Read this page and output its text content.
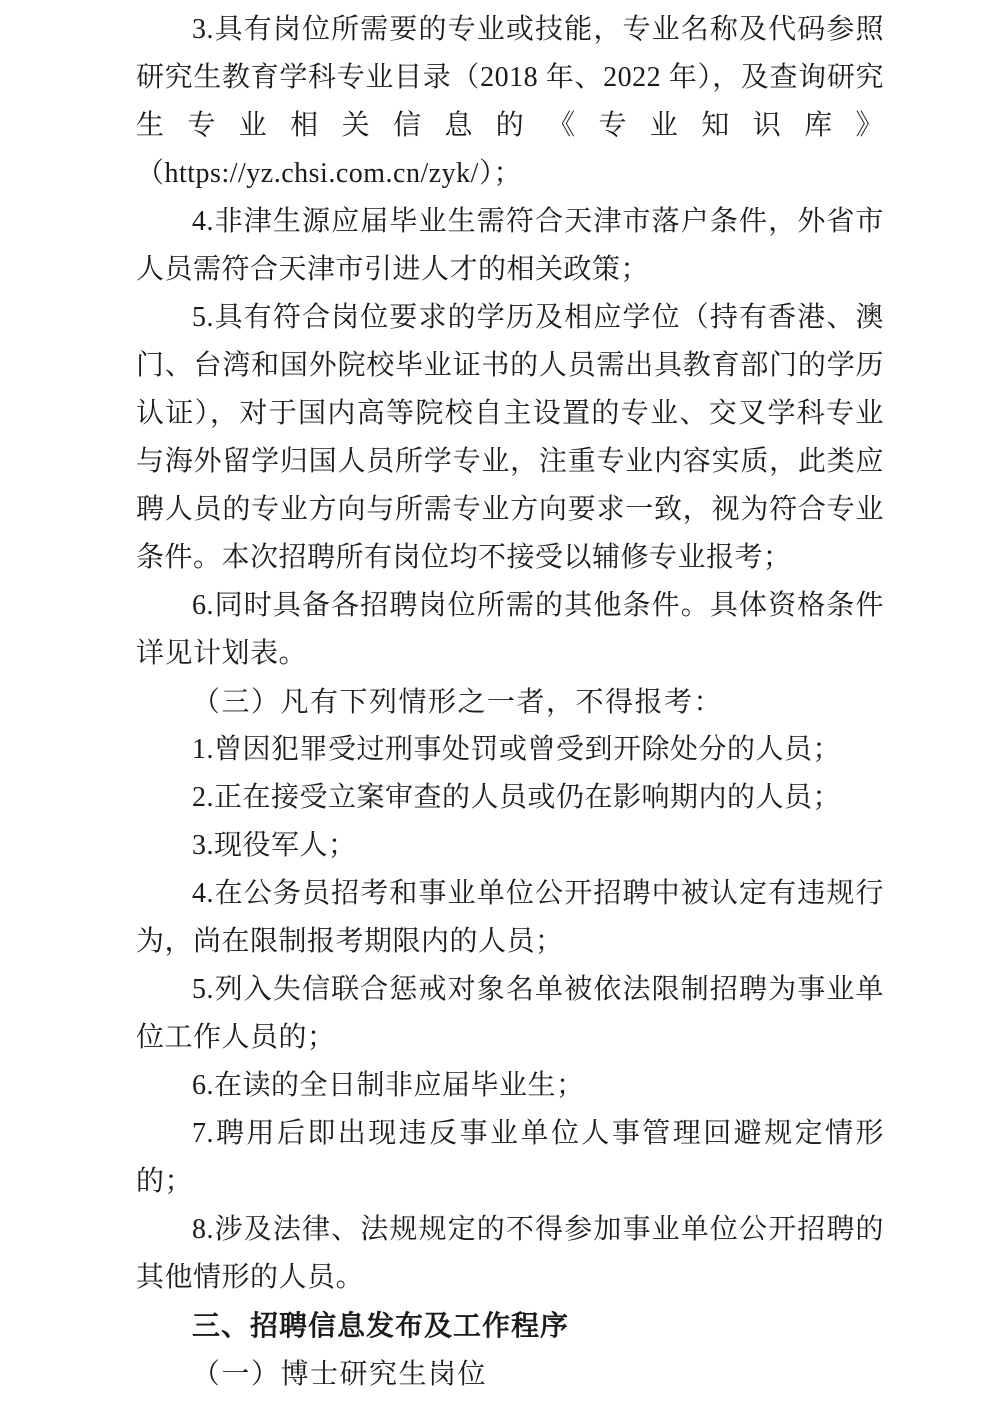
3.具有岗位所需要的专业或技能，专业名称及代码参照研究生教育学科专业目录（2018 年、2022 年），及查询研究生专业相关信息的《专业知识库》（https://yz.chsi.com.cn/zyk/）；

4.非津生源应届毕业生需符合天津市落户条件，外省市人员需符合天津市引进人才的相关政策；

5.具有符合岗位要求的学历及相应学位（持有香港、澳门、台湾和国外院校毕业证书的人员需出具教育部门的学历认证），对于国内高等院校自主设置的专业、交叉学科专业与海外留学归国人员所学专业，注重专业内容实质，此类应聘人员的专业方向与所需专业方向要求一致，视为符合专业条件。本次招聘所有岗位均不接受以辅修专业报考；

6.同时具备各招聘岗位所需的其他条件。具体资格条件详见计划表。

（三）凡有下列情形之一者，不得报考：

1.曾因犯罪受过刑事处罚或曾受到开除处分的人员；

2.正在接受立案审查的人员或仍在影响期内的人员；

3.现役军人；

4.在公务员招考和事业单位公开招聘中被认定有违规行为，尚在限制报考期限内的人员；

5.列入失信联合惩戒对象名单被依法限制招聘为事业单位工作人员的；

6.在读的全日制非应届毕业生；

7.聘用后即出现违反事业单位人事管理回避规定情形的；

8.涉及法律、法规规定的不得参加事业单位公开招聘的其他情形的人员。

三、招聘信息发布及工作程序

（一）博士研究生岗位
